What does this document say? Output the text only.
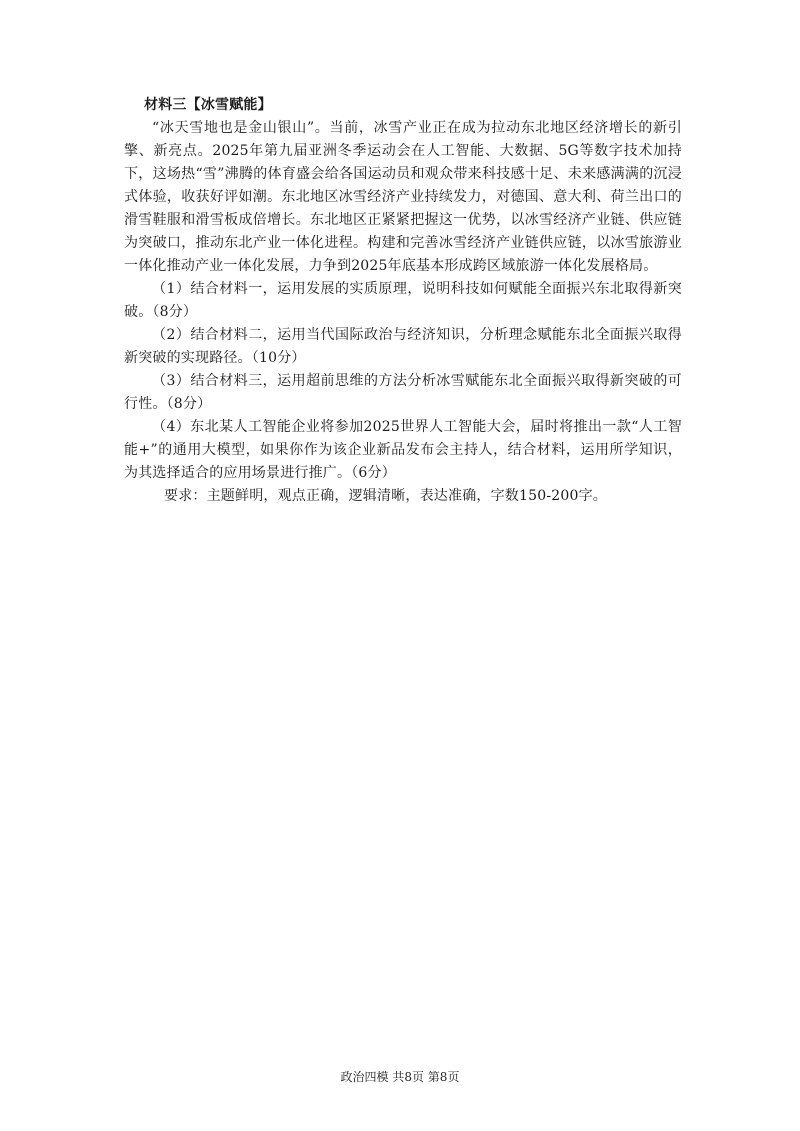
材料三【冰雪赋能】

“冰天雪地也是金山银山”。当前，冰雪产业正在成为拉动东北地区经济增长的新引擎、新亮点。2025年第九届亚洲冬季运动会在人工智能、大数据、5G等数字技术加持下，这场热“雪”沸腾的体育盛会给各国运动员和观众带来科技感十足、未来感满满的沉浸式体验，收获好评如潮。东北地区冰雪经济产业持续发力，对德国、意大利、荷兰出口的滑雪鞋服和滑雪板成倍增长。东北地区正紧紧把握这一优势，以冰雪经济产业链、供应链为突破口，推动东北产业一体化进程。构建和完善冰雪经济产业链供应链，以冰雪旅游业一体化推动产业一体化发展，力争到2025年底基本形成跨区域旅游一体化发展格局。

（1）结合材料一，运用发展的实质原理，说明科技如何赋能全面振兴东北取得新突破。（8分）

（2）结合材料二，运用当代国际政治与经济知识，分析理念赋能东北全面振兴取得新突破的实现路径。（10分）

（3）结合材料三，运用超前思维的方法分析冰雪赋能东北全面振兴取得新突破的可行性。（8分）

（4）东北某人工智能企业将参加2025世界人工智能大会，届时将推出一款“人工智能+”的通用大模型，如果你作为该企业新品发布会主持人，结合材料，运用所学知识，为其选择适合的应用场景进行推广。（6分）

要求：主题鲜明，观点正确，逻辑清晰，表达准确，字数150-200字。

政治四模 共8页 第8页
